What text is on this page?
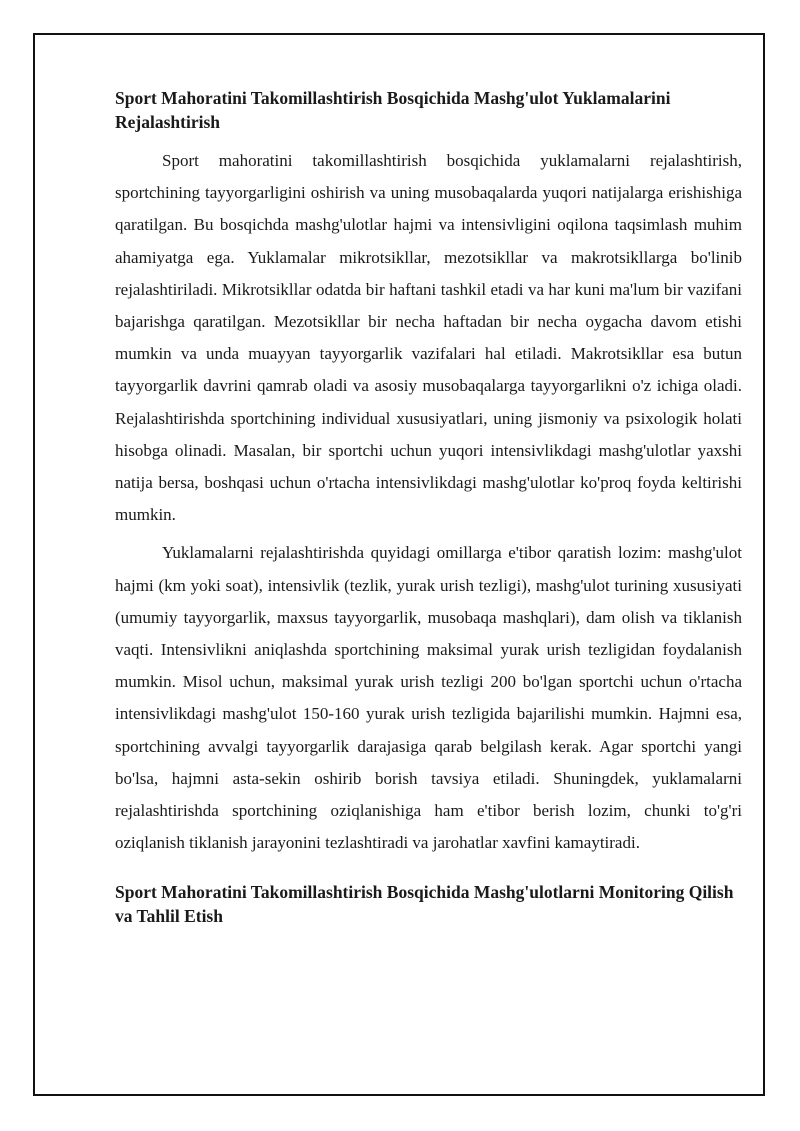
Sport Mahoratini Takomillashtirish Bosqichida Mashg'ulot Yuklamalarini Rejalashtirish

Sport mahoratini takomillashtirish bosqichida yuklamalarni rejalashtirish, sportchining tayyorgarligini oshirish va uning musobaqalarda yuqori natijalarga erishishiga qaratilgan. Bu bosqichda mashg'ulotlar hajmi va intensivligini oqilona taqsimlash muhim ahamiyatga ega. Yuklamalar mikrotsikllar, mezotsikllar va makrotsikllarga bo'linib rejalashtiriladi. Mikrotsikllar odatda bir haftani tashkil etadi va har kuni ma'lum bir vazifani bajarishga qaratilgan. Mezotsikllar bir necha haftadan bir necha oygacha davom etishi mumkin va unda muayyan tayyorgarlik vazifalari hal etiladi. Makrotsikllar esa butun tayyorgarlik davrini qamrab oladi va asosiy musobaqalarga tayyorgarlikni o'z ichiga oladi. Rejalashtirishda sportchining individual xususiyatlari, uning jismoniy va psixologik holati hisobga olinadi. Masalan, bir sportchi uchun yuqori intensivlikdagi mashg'ulotlar yaxshi natija bersa, boshqasi uchun o'rtacha intensivlikdagi mashg'ulotlar ko'proq foyda keltirishi mumkin.

Yuklamalarni rejalashtirishda quyidagi omillarga e'tibor qaratish lozim: mashg'ulot hajmi (km yoki soat), intensivlik (tezlik, yurak urish tezligi), mashg'ulot turining xususiyati (umumiy tayyorgarlik, maxsus tayyorgarlik, musobaqa mashqlari), dam olish va tiklanish vaqti. Intensivlikni aniqlashda sportchining maksimal yurak urish tezligidan foydalanish mumkin. Misol uchun, maksimal yurak urish tezligi 200 bo'lgan sportchi uchun o'rtacha intensivlikdagi mashg'ulot 150-160 yurak urish tezligida bajarilishi mumkin. Hajmni esa, sportchining avvalgi tayyorgarlik darajasiga qarab belgilash kerak. Agar sportchi yangi bo'lsa, hajmni asta-sekin oshirib borish tavsiya etiladi. Shuningdek, yuklamalarni rejalashtirishda sportchining oziqlanishiga ham e'tibor berish lozim, chunki to'g'ri oziqlanish tiklanish jarayonini tezlashtiradi va jarohatlar xavfini kamaytiradi.

Sport Mahoratini Takomillashtirish Bosqichida Mashg'ulotlarni Monitoring Qilish va Tahlil Etish
